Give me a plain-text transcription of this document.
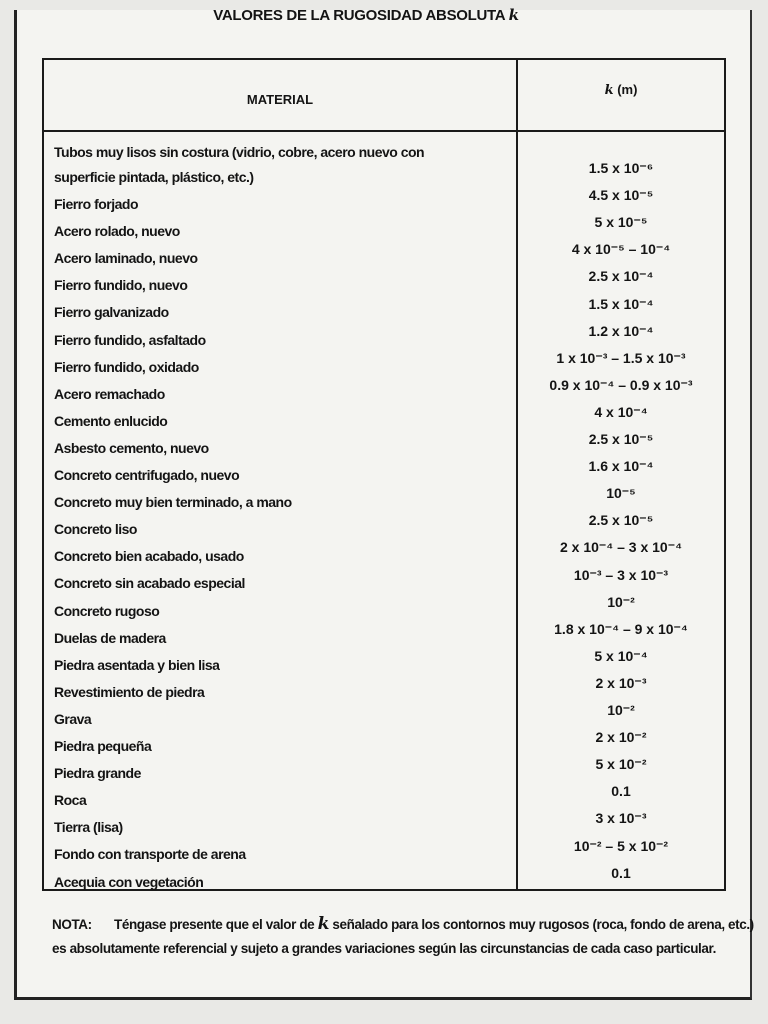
VALORES DE LA RUGOSIDAD ABSOLUTA k
MATERIAL
k (m)
Tubos muy lisos sin costura (vidrio, cobre, acero nuevo con superficie pintada, plástico, etc.)
1.5 x 10⁻⁶
Fierro forjado
4.5 x 10⁻⁵
Acero rolado, nuevo
5 x 10⁻⁵
Acero laminado, nuevo
4 x 10⁻⁵ – 10⁻⁴
Fierro fundido, nuevo
2.5 x 10⁻⁴
Fierro galvanizado
1.5 x 10⁻⁴
Fierro fundido, asfaltado
1.2 x 10⁻⁴
Fierro fundido, oxidado
1 x 10⁻³ – 1.5 x 10⁻³
Acero remachado
0.9 x 10⁻⁴ – 0.9 x 10⁻³
Cemento enlucido
4 x 10⁻⁴
Asbesto cemento, nuevo
2.5 x 10⁻⁵
Concreto centrifugado, nuevo
1.6 x 10⁻⁴
Concreto muy bien terminado, a mano
10⁻⁵
Concreto liso
2.5 x 10⁻⁵
Concreto bien acabado, usado
2 x 10⁻⁴ – 3 x 10⁻⁴
Concreto sin acabado especial
10⁻³ – 3 x 10⁻³
Concreto rugoso
10⁻²
Duelas de madera
1.8 x 10⁻⁴ – 9 x 10⁻⁴
Piedra asentada y bien lisa
5 x 10⁻⁴
Revestimiento de piedra
2 x 10⁻³
Grava
10⁻²
Piedra pequeña
2 x 10⁻²
Piedra grande
5 x 10⁻²
Roca
0.1
Tierra (lisa)
3 x 10⁻³
Fondo con transporte de arena
10⁻² – 5 x 10⁻²
Acequia con vegetación
0.1
NOTA: Téngase presente que el valor de k señalado para los contornos muy rugosos (roca, fondo de arena, etc.) es absolutamente referencial y sujeto a grandes variaciones según las circunstancias de cada caso particular.
